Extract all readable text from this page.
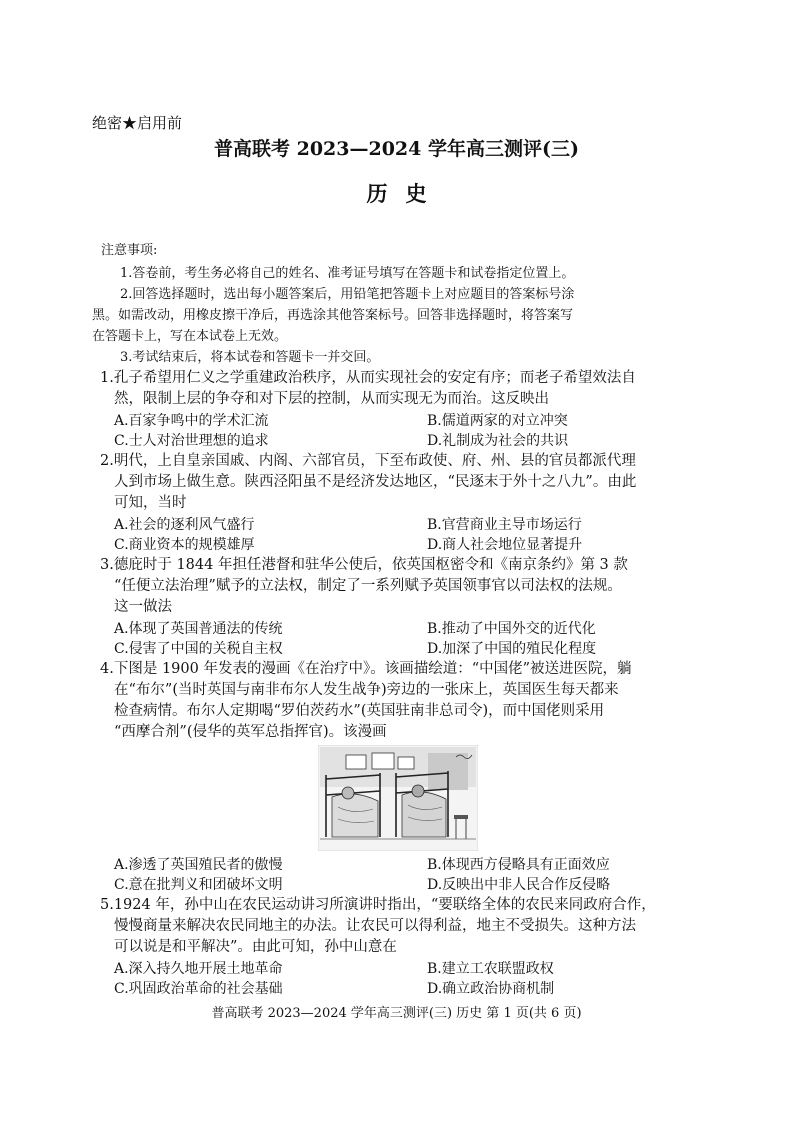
绝密★启用前
普高联考 2023—2024 学年高三测评(三)
历史
注意事项:
1.答卷前，考生务必将自己的姓名、准考证号填写在答题卡和试卷指定位置上。
2.回答选择题时，选出每小题答案后，用铅笔把答题卡上对应题目的答案标号涂
黑。如需改动，用橡皮擦干净后，再选涂其他答案标号。回答非选择题时，将答案写
在答题卡上，写在本试卷上无效。
3.考试结束后，将本试卷和答题卡一并交回。
1.孔子希望用仁义之学重建政治秩序，从而实现社会的安定有序；而老子希望效法自
然，限制上层的争夺和对下层的控制，从而实现无为而治。这反映出
A.百家争鸣中的学术汇流	B.儒道两家的对立冲突
C.士人对治世理想的追求	D.礼制成为社会的共识
2.明代，上自皇亲国戚、内阁、六部官员，下至布政使、府、州、县的官员都派代理
人到市场上做生意。陕西泾阳虽不是经济发达地区，“民逐末于外十之八九”。由此
可知，当时
A.社会的逐利风气盛行	B.官营商业主导市场运行
C.商业资本的规模雄厚	D.商人社会地位显著提升
3.德庇时于 1844 年担任港督和驻华公使后，依英国枢密令和《南京条约》第 3 款
“任便立法治理”赋予的立法权，制定了一系列赋予英国领事官以司法权的法规。
这一做法
A.体现了英国普通法的传统	B.推动了中国外交的近代化
C.侵害了中国的关税自主权	D.加深了中国的殖民化程度
4.下图是 1900 年发表的漫画《在治疗中》。该画描绘道：“中国佬”被送进医院，躺
在“布尔”(当时英国与南非布尔人发生战争)旁边的一张床上，英国医生每天都来
检查病情。布尔人定期喝“罗伯茨药水”(英国驻南非总司令)，而中国佬则采用
“西摩合剂”(侵华的英军总指挥官)。该漫画
A.渗透了英国殖民者的傲慢	B.体现西方侵略具有正面效应
C.意在批判义和团破坏文明	D.反映出中非人民合作反侵略
5.1924 年，孙中山在农民运动讲习所演讲时指出，“要联络全体的农民来同政府合作，
慢慢商量来解决农民同地主的办法。让农民可以得利益，地主不受损失。这种方法
可以说是和平解决”。由此可知，孙中山意在
A.深入持久地开展土地革命	B.建立工农联盟政权
C.巩固政治革命的社会基础	D.确立政治协商机制
普高联考 2023—2024 学年高三测评(三) 历史 第 1 页(共 6 页)
